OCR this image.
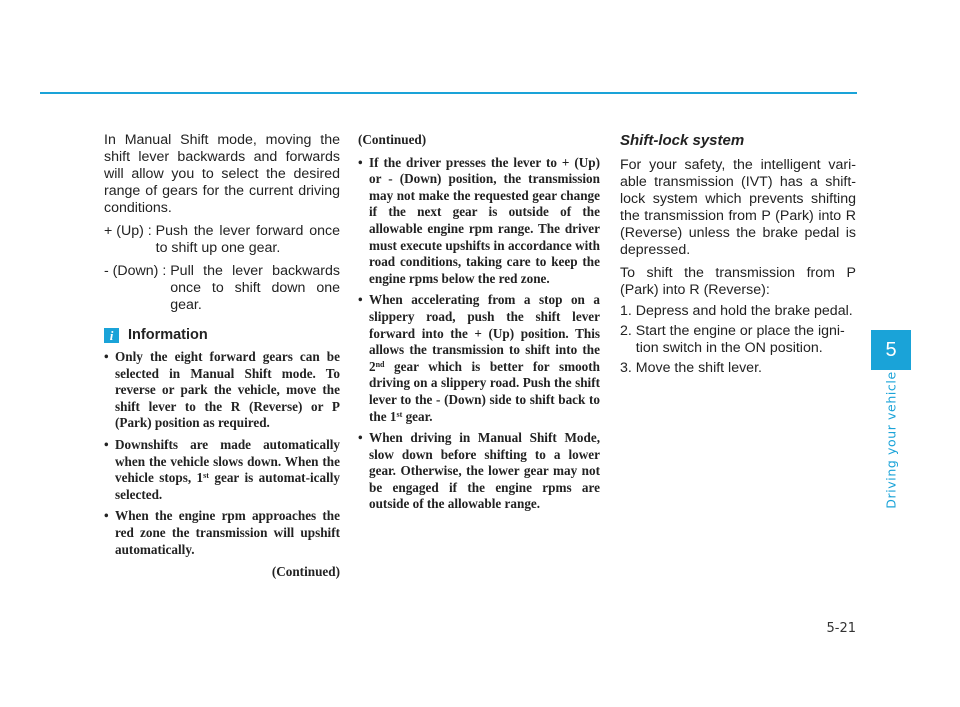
In Manual Shift mode, moving the shift lever backwards and forwards will allow you to select the desired range of gears for the current driving conditions.

+ (Up) : Push the lever forward once to shift up one gear.
- (Down) : Pull the lever backwards once to shift down one gear.
i	Information
• Only the eight forward gears can be selected in Manual Shift mode. To reverse or park the vehicle, move the shift lever to the R (Reverse) or P (Park) position as required.
• Downshifts are made automatically when the vehicle slows down. When the vehicle stops, 1st gear is automat-ically selected.
• When the engine rpm approaches the red zone the transmission will upshift automatically.
(Continued)
(Continued)
• If the driver presses the lever to + (Up) or - (Down) position, the transmission may not make the requested gear change if the next gear is outside of the allowable engine rpm range. The driver must execute upshifts in accordance with road conditions, taking care to keep the engine rpms below the red zone.
• When accelerating from a stop on a slippery road, push the shift lever forward into the + (Up) position. This allows the transmission to shift into the 2nd gear which is better for smooth driving on a slippery road. Push the shift lever to the - (Down) side to shift back to the 1st gear.
• When driving in Manual Shift Mode, slow down before shifting to a lower gear. Otherwise, the lower gear may not be engaged if the engine rpms are outside of the allowable range.
Shift-lock system

For your safety, the intelligent vari-able transmission (IVT) has a shift-lock system which prevents shifting the transmission from P (Park) into R (Reverse) unless the brake pedal is depressed.

To shift the transmission from P (Park) into R (Reverse):

1. Depress and hold the brake pedal.
2. Start the engine or place the igni-tion switch in the ON position.
3. Move the shift lever.
5
Driving your vehicle
5-21
